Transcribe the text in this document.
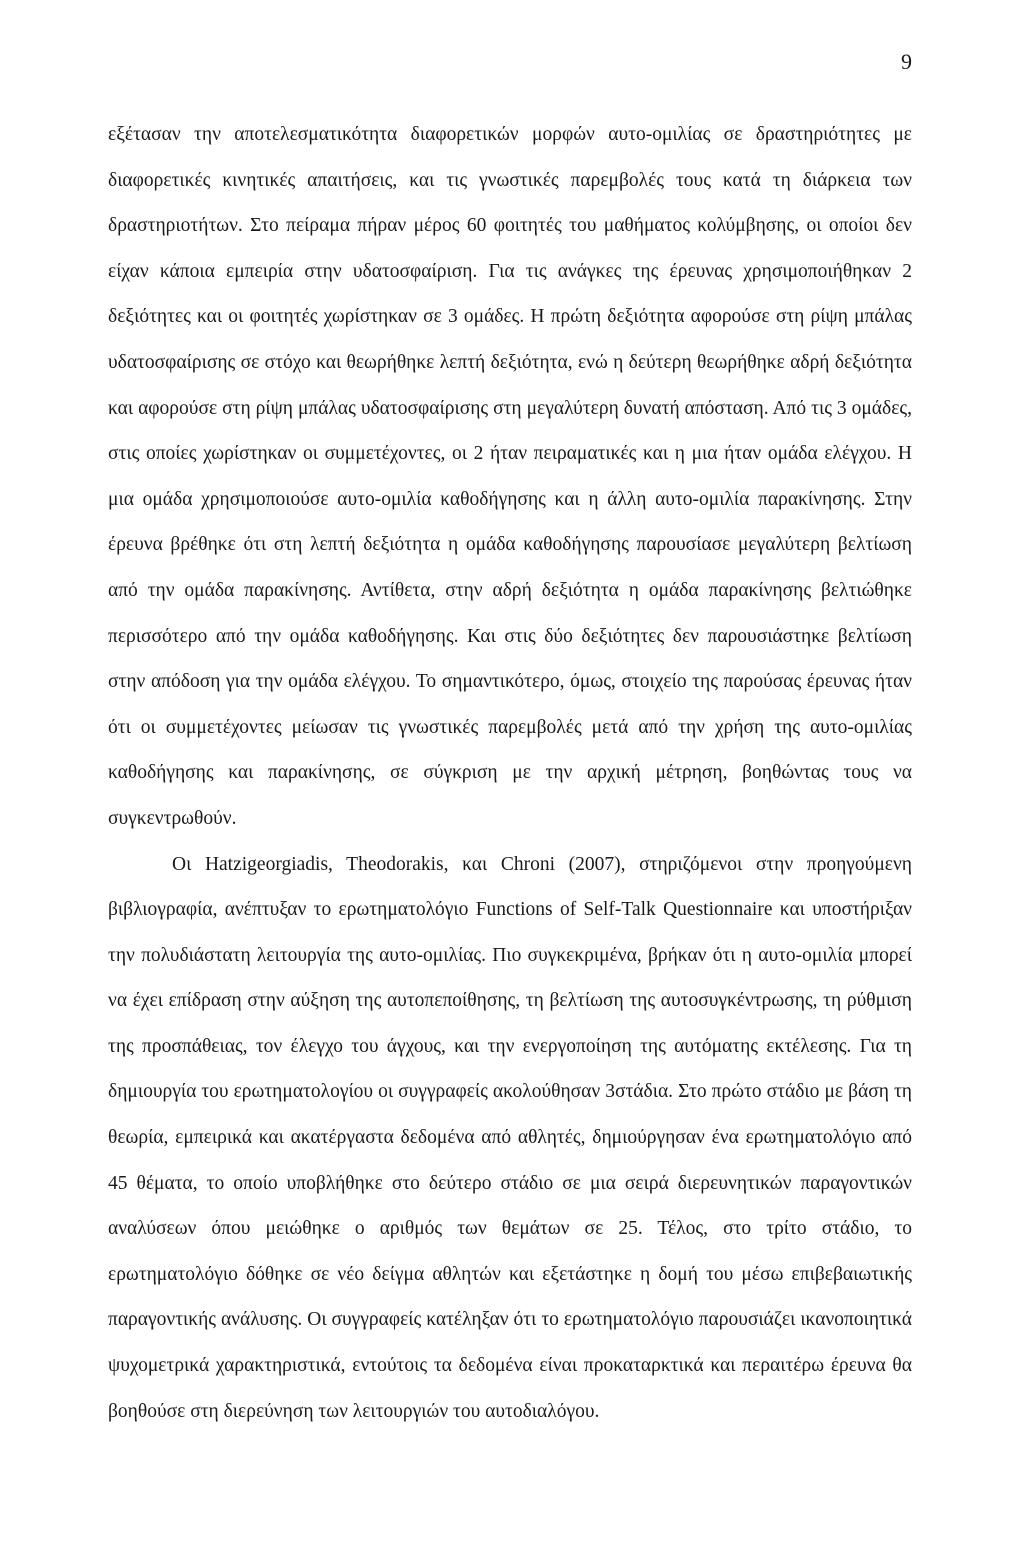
9

εξέτασαν την αποτελεσματικότητα διαφορετικών μορφών αυτο-ομιλίας σε δραστηριότητες με διαφορετικές κινητικές απαιτήσεις, και τις γνωστικές παρεμβολές τους κατά τη διάρκεια των δραστηριοτήτων. Στο πείραμα πήραν μέρος 60 φοιτητές του μαθήματος κολύμβησης, οι οποίοι δεν είχαν κάποια εμπειρία στην υδατοσφαίριση. Για τις ανάγκες της έρευνας χρησιμοποιήθηκαν 2 δεξιότητες και οι φοιτητές χωρίστηκαν σε 3 ομάδες. Η πρώτη δεξιότητα αφορούσε στη ρίψη μπάλας υδατοσφαίρισης σε στόχο και θεωρήθηκε λεπτή δεξιότητα, ενώ η δεύτερη θεωρήθηκε αδρή δεξιότητα και αφορούσε στη ρίψη μπάλας υδατοσφαίρισης στη μεγαλύτερη δυνατή απόσταση. Από τις 3 ομάδες, στις οποίες χωρίστηκαν οι συμμετέχοντες, οι 2 ήταν πειραματικές και η μια ήταν ομάδα ελέγχου. Η μια ομάδα χρησιμοποιούσε αυτο-ομιλία καθοδήγησης και η άλλη αυτο-ομιλία παρακίνησης. Στην έρευνα βρέθηκε ότι στη λεπτή δεξιότητα η ομάδα καθοδήγησης παρουσίασε μεγαλύτερη βελτίωση από την ομάδα παρακίνησης. Αντίθετα, στην αδρή δεξιότητα η ομάδα παρακίνησης βελτιώθηκε περισσότερο από την ομάδα καθοδήγησης. Και στις δύο δεξιότητες δεν παρουσιάστηκε βελτίωση στην απόδοση για την ομάδα ελέγχου. Το σημαντικότερο, όμως, στοιχείο της παρούσας έρευνας ήταν ότι οι συμμετέχοντες μείωσαν τις γνωστικές παρεμβολές μετά από την χρήση της αυτο-ομιλίας καθοδήγησης και παρακίνησης, σε σύγκριση με την αρχική μέτρηση, βοηθώντας τους να συγκεντρωθούν.

Οι Hatzigeorgiadis, Theodorakis, και Chroni (2007), στηριζόμενοι στην προηγούμενη βιβλιογραφία, ανέπτυξαν το ερωτηματολόγιο Functions of Self-Talk Questionnaire και υποστήριξαν την πολυδιάστατη λειτουργία της αυτο-ομιλίας. Πιο συγκεκριμένα, βρήκαν ότι η αυτο-ομιλία μπορεί να έχει επίδραση στην αύξηση της αυτοπεποίθησης, τη βελτίωση της αυτοσυγκέντρωσης, τη ρύθμιση της προσπάθειας, τον έλεγχο του άγχους, και την ενεργοποίηση της αυτόματης εκτέλεσης. Για τη δημιουργία του ερωτηματολογίου οι συγγραφείς ακολούθησαν 3στάδια. Στο πρώτο στάδιο με βάση τη θεωρία, εμπειρικά και ακατέργαστα δεδομένα από αθλητές, δημιούργησαν ένα ερωτηματολόγιο από 45 θέματα, το οποίο υποβλήθηκε στο δεύτερο στάδιο σε μια σειρά διερευνητικών παραγοντικών αναλύσεων όπου μειώθηκε ο αριθμός των θεμάτων σε 25. Τέλος, στο τρίτο στάδιο, το ερωτηματολόγιο δόθηκε σε νέο δείγμα αθλητών και εξετάστηκε η δομή του μέσω επιβεβαιωτικής παραγοντικής ανάλυσης. Οι συγγραφείς κατέληξαν ότι το ερωτηματολόγιο παρουσιάζει ικανοποιητικά ψυχομετρικά χαρακτηριστικά, εντούτοις τα δεδομένα είναι προκαταρκτικά και περαιτέρω έρευνα θα βοηθούσε στη διερεύνηση των λειτουργιών του αυτοδιαλόγου.
